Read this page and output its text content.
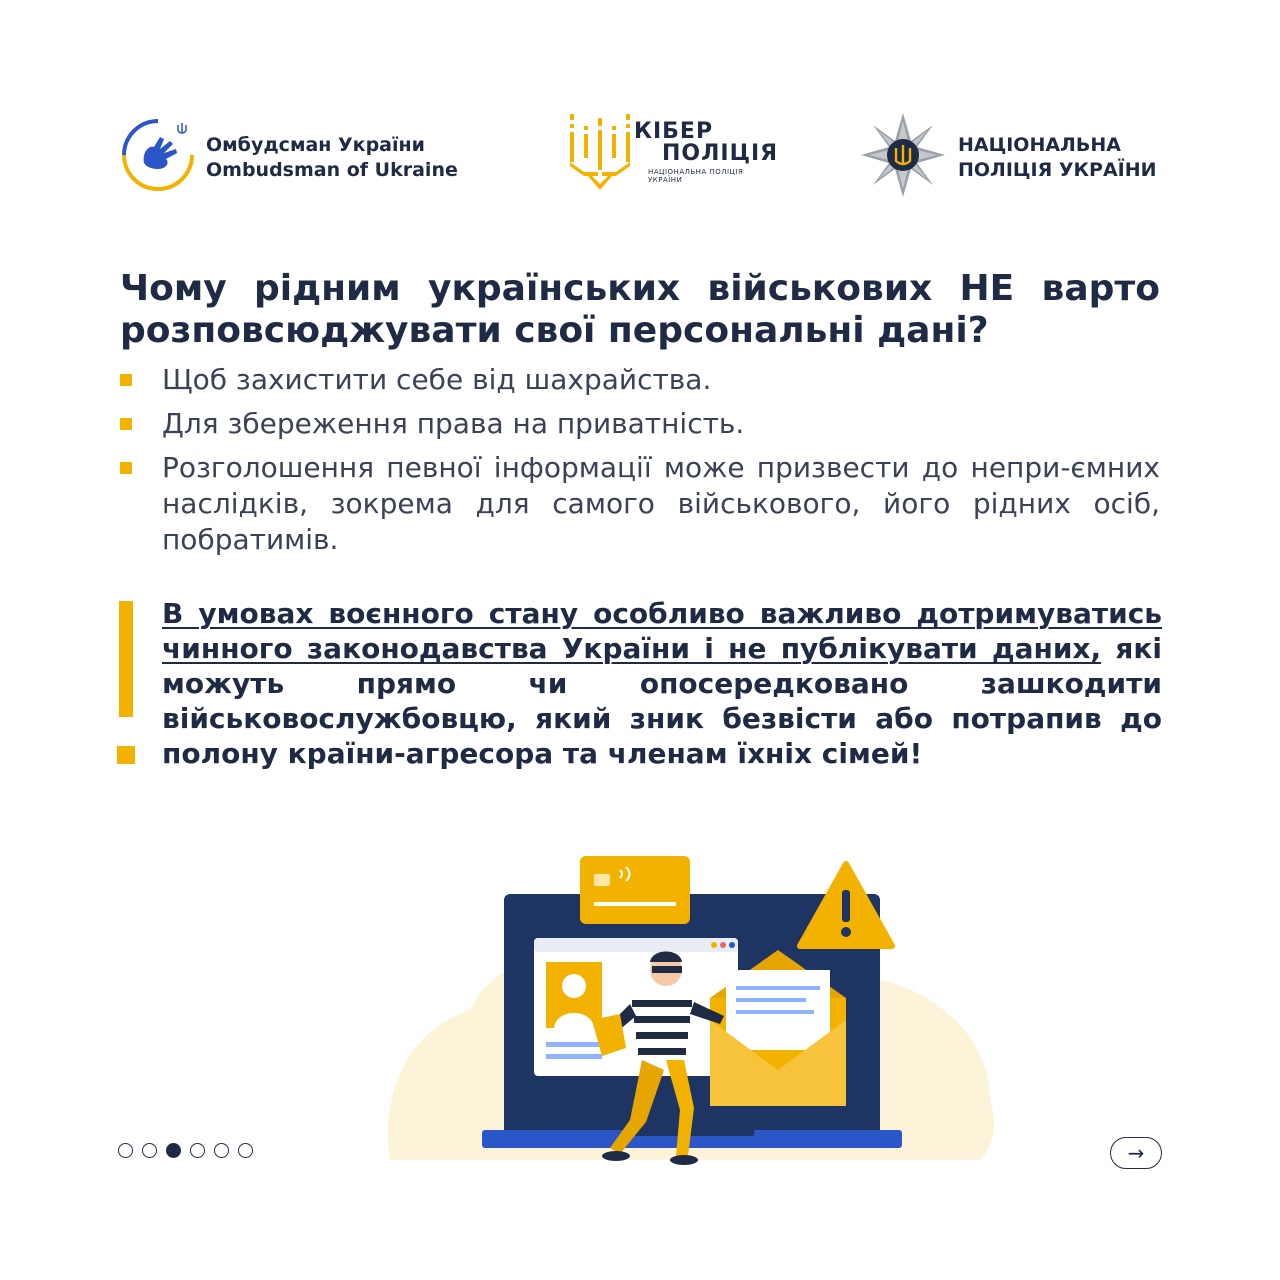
Омбудсман України
Ombudsman of Ukraine
КІБЕР
ПОЛІЦІЯ
НАЦІОНАЛЬНА ПОЛІЦІЯ
УКРАЇНИ
НАЦІОНАЛЬНА
ПОЛІЦІЯ УКРАЇНИ
Чому рідним українських військових НЕ варто розповсюджувати свої персональні дані?
Щоб захистити себе від шахрайства.
Для збереження права на приватність.
Розголошення певної інформації може призвести до непри-ємних наслідків, зокрема для самого військового, його рідних осіб, побратимів.
В умовах воєнного стану особливо важливо дотримуватись чинного законодавства України і не публікувати даних, які можуть прямо чи опосередковано зашкодити військовослужбовцю, який зник безвісти або потрапив до полону країни-агресора та членам їхніх сімей!
→
